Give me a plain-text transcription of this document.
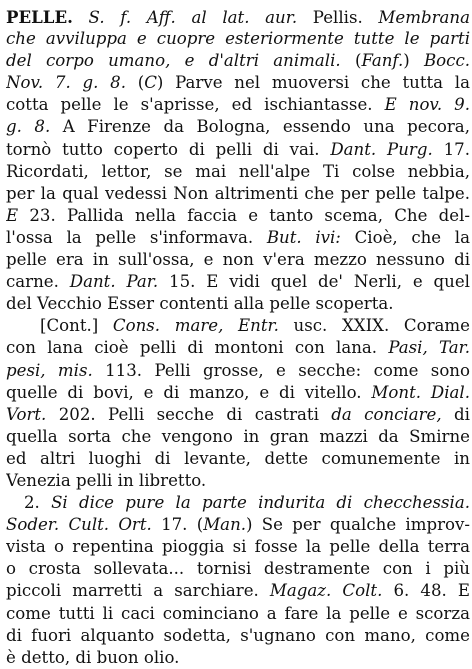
PELLE. S. f. Aff. al lat. aur. Pellis. Membrana
che avviluppa e cuopre esteriormente tutte le parti
del corpo umano, e d'altri animali. (Fanf.) Bocc.
Nov. 7. g. 8. (C) Parve nel muoversi che tutta la
cotta pelle le s'aprisse, ed ischiantasse. E nov. 9.
g. 8. A Firenze da Bologna, essendo una pecora,
tornò tutto coperto di pelli di vai. Dant. Purg. 17.
Ricordati, lettor, se mai nell'alpe Ti colse nebbia,
per la qual vedessi Non altrimenti che per pelle talpe.
E 23. Pallida nella faccia e tanto scema, Che del-
l'ossa la pelle s'informava. But. ivi: Cioè, che la
pelle era in sull'ossa, e non v'era mezzo nessuno di
carne. Dant. Par. 15. E vidi quel de' Nerli, e quel
del Vecchio Esser contenti alla pelle scoperta.
[Cont.] Cons. mare, Entr. usc. XXIX. Corame
con lana cioè pelli di montoni con lana. Pasi, Tar.
pesi, mis. 113. Pelli grosse, e secche: come sono
quelle di bovi, e di manzo, e di vitello. Mont. Dial.
Vort. 202. Pelli secche di castrati da conciare, di
quella sorta che vengono in gran mazzi da Smirne
ed altri luoghi di levante, dette comunemente in
Venezia pelli in libretto.
2. Si dice pure la parte indurita di checchessia.
Soder. Cult. Ort. 17. (Man.) Se per qualche improv-
vista o repentina pioggia si fosse la pelle della terra
o crosta sollevata... tornisi destramente con i più
piccoli marretti a sarchiare. Magaz. Colt. 6. 48. E
come tutti li caci cominciano a fare la pelle e scorza
di fuori alquanto sodetta, s'ugnano con mano, come
è detto, di buon olio.
